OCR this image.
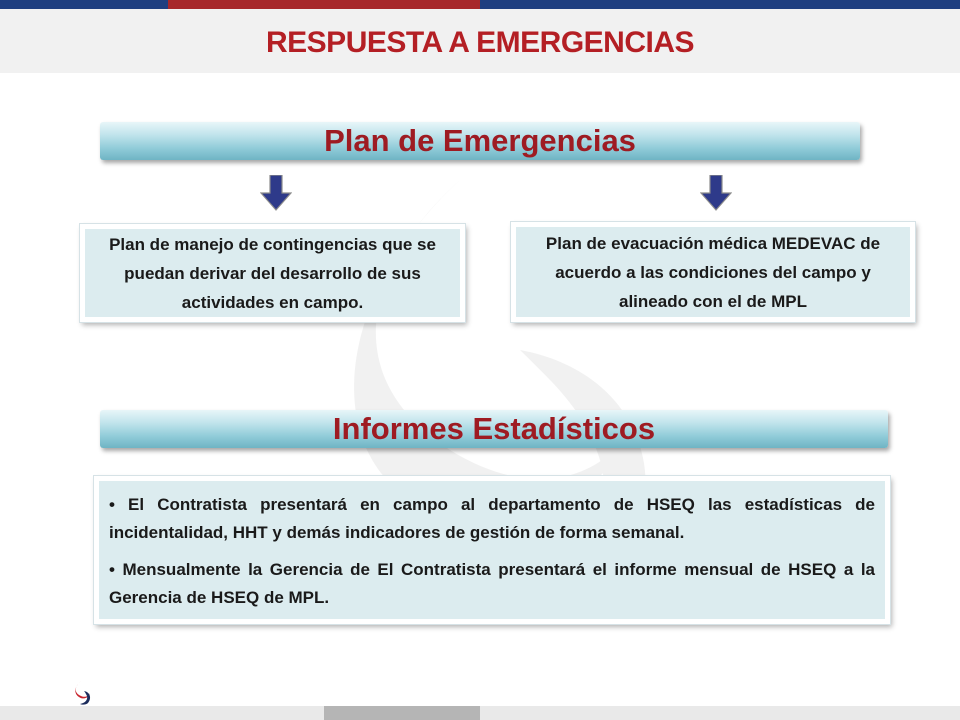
RESPUESTA A EMERGENCIAS
Plan de Emergencias
Plan de manejo de contingencias que se puedan derivar del desarrollo de sus actividades en campo.
Plan de evacuación médica MEDEVAC de acuerdo a las condiciones del campo y alineado con el de MPL
Informes Estadísticos

• El Contratista presentará en campo al departamento de HSEQ las estadísticas de incidentalidad, HHT y demás indicadores de gestión de forma semanal.

• Mensualmente la Gerencia de El Contratista presentará el informe mensual de HSEQ a la Gerencia de HSEQ de MPL.
